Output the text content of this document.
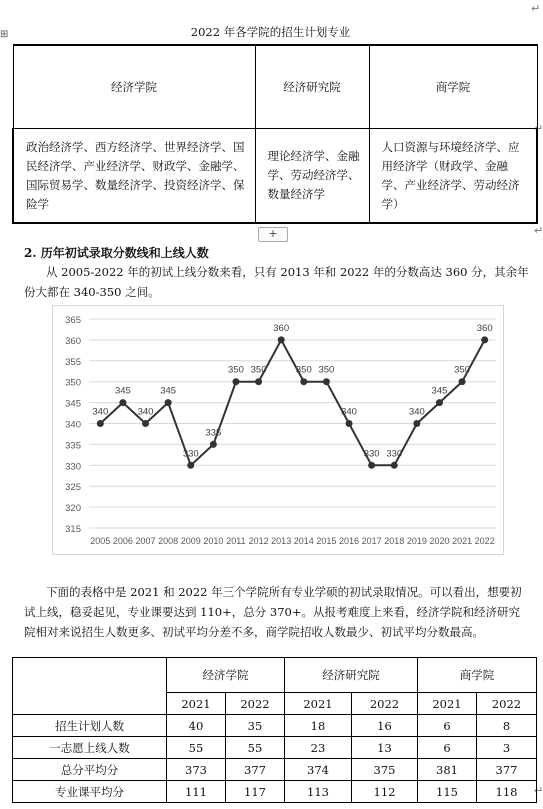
⊞
↵
↵
↵
↵
2022 年各学院的招生计划专业
经济学院	经济研究院	商学院
政治经济学、西方经济学、世界经济学、国民经济学、产业经济学、财政学、金融学、国际贸易学、数量经济学、投资经济学、保险学	理论经济学、金融学、劳动经济学、数量经济学	人口资源与环境经济学、应用经济学（财政学、金融学、产业经济学、劳动经济学）
+
2. 历年初试录取分数线和上线人数
从 2005-2022 年的初试上线分数来看，只有 2013 年和 2022 年的分数高达 360 分，其余年份大都在 340-350 之间。
315
320
325
330
335
340
345
350
355
360
365
2005 2006 2007 2008 2009 2010 2011 2012 2013 2014 2015 2016 2017 2018 2019 2020 2021 2022
340
345
340
345
330
335
350 350
360
350 350
340
330 330
340
345
350
360
下面的表格中是 2021 和 2022 年三个学院所有专业学硕的初试录取情况。可以看出，想要初试上线，稳妥起见，专业课要达到 110+，总分 370+。从报考难度上来看，经济学院和经济研究院相对来说招生人数更多、初试平均分差不多，商学院招收人数最少、初试平均分数最高。
	经济学院		经济研究院		商学院	
	2021	2022	2021	2022	2021	2022
招生计划人数	40	35	18	16	6	8
一志愿上线人数	55	55	23	13	6	3
总分平均分	373	377	374	375	381	377
专业课平均分	111	117	113	112	115	118
